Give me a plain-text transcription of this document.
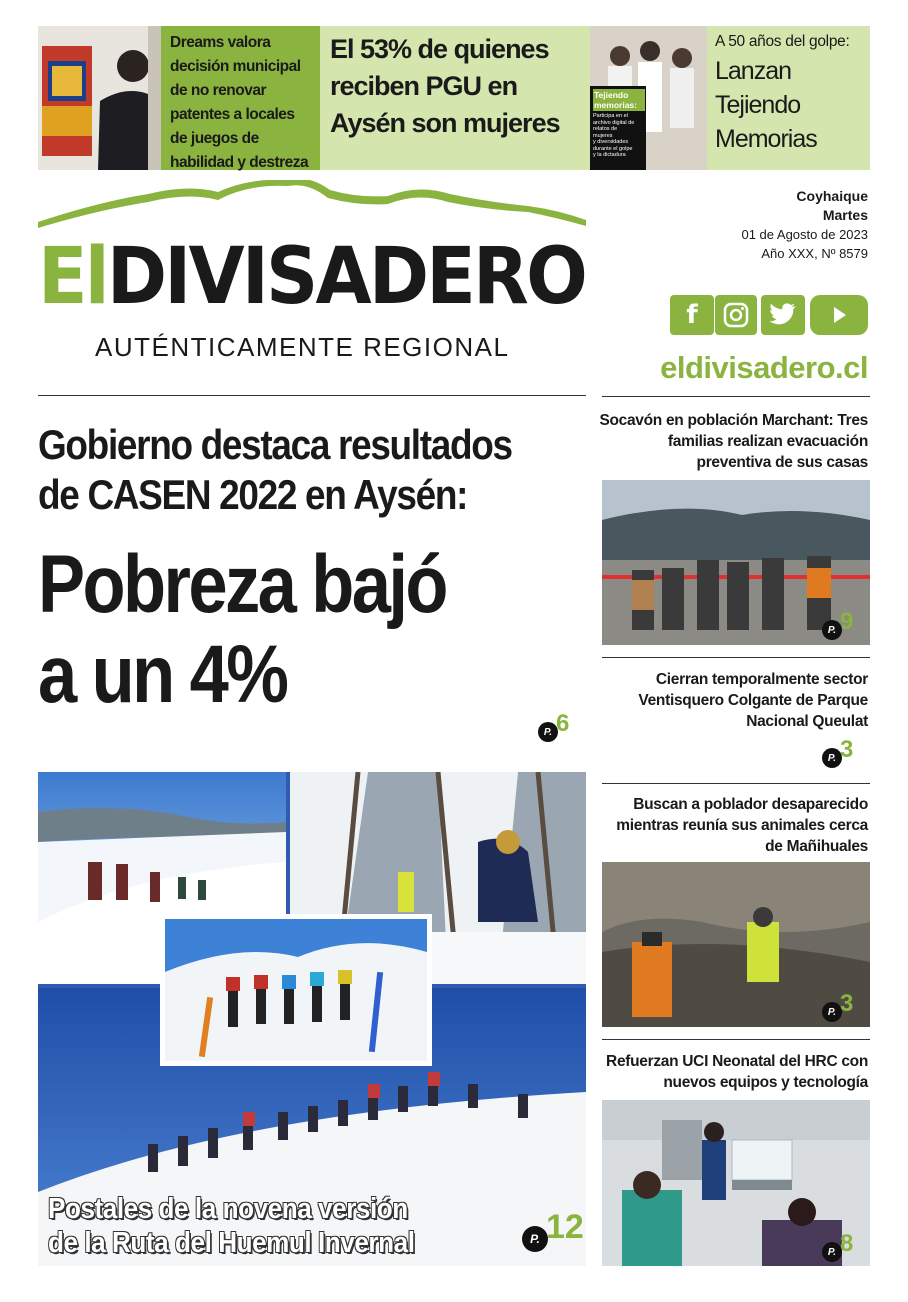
Dreams valora decisión municipal de no renovar patentes a locales de juegos de habilidad y destreza
El 53% de quienes reciben PGU en Aysén son mujeres
Tejiendo memorias:
Participa en el
archivo digital de
relatos de
mujeres
y diversidades
durante el golpe
y la dictadura
A 50 años del golpe:
Lanzan Tejiendo Memorias
ElDIVISADERO
AUTÉNTICAMENTE REGIONAL
Coyhaique
Martes
01 de Agosto de 2023
Año XXX, Nº 8579
f
eldivisadero.cl
Gobierno destaca resultados
de CASEN 2022 en Aysén:
Pobreza bajó
a un 4%
P. 6
Postales de la novena versión
de la Ruta del Huemul Invernal	P. 12
Socavón en población Marchant: Tres familias realizan evacuación preventiva de sus casas
P. 9
Cierran temporalmente sector Ventisquero Colgante de Parque Nacional Queulat
P. 3
Buscan a poblador desaparecido mientras reunía sus animales cerca de Mañihuales
P. 3
Refuerzan UCI Neonatal del HRC con nuevos equipos y tecnología
P. 8
